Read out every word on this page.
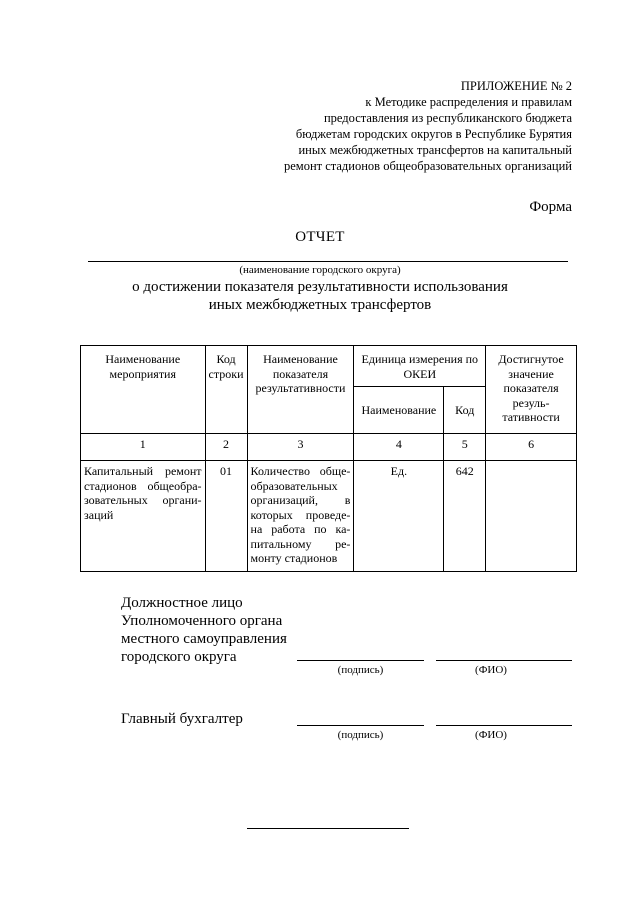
ПРИЛОЖЕНИЕ № 2
к Методике распределения и правилам
предоставления из республиканского бюджета
бюджетам городских округов в Республике Бурятия
иных межбюджетных трансфертов на капитальный
ремонт стадионов общеобразовательных организаций
Форма
ОТЧЕТ
(наименование городского округа)
о достижении показателя результативности использования
иных межбюджетных трансфертов
Наименование мероприятия	Код строки	Наименование показателя результативности	Единица измерения по ОКЕИ		Достигнутое значение показателя резуль-тативности
			Наименование	Код	
1	2	3	4	5	6
Капитальный ремонт стадионов общеобра-зовательных органи-заций	01	Количество обще-образовательных организаций, в которых проведе-на работа по ка-питальному ре-монту стадионов	Ед.	642	
Должностное лицо
Уполномоченного органа
местного самоуправления
городского округа
(подпись)	(ФИО)
Главный бухгалтер
(подпись)	(ФИО)
